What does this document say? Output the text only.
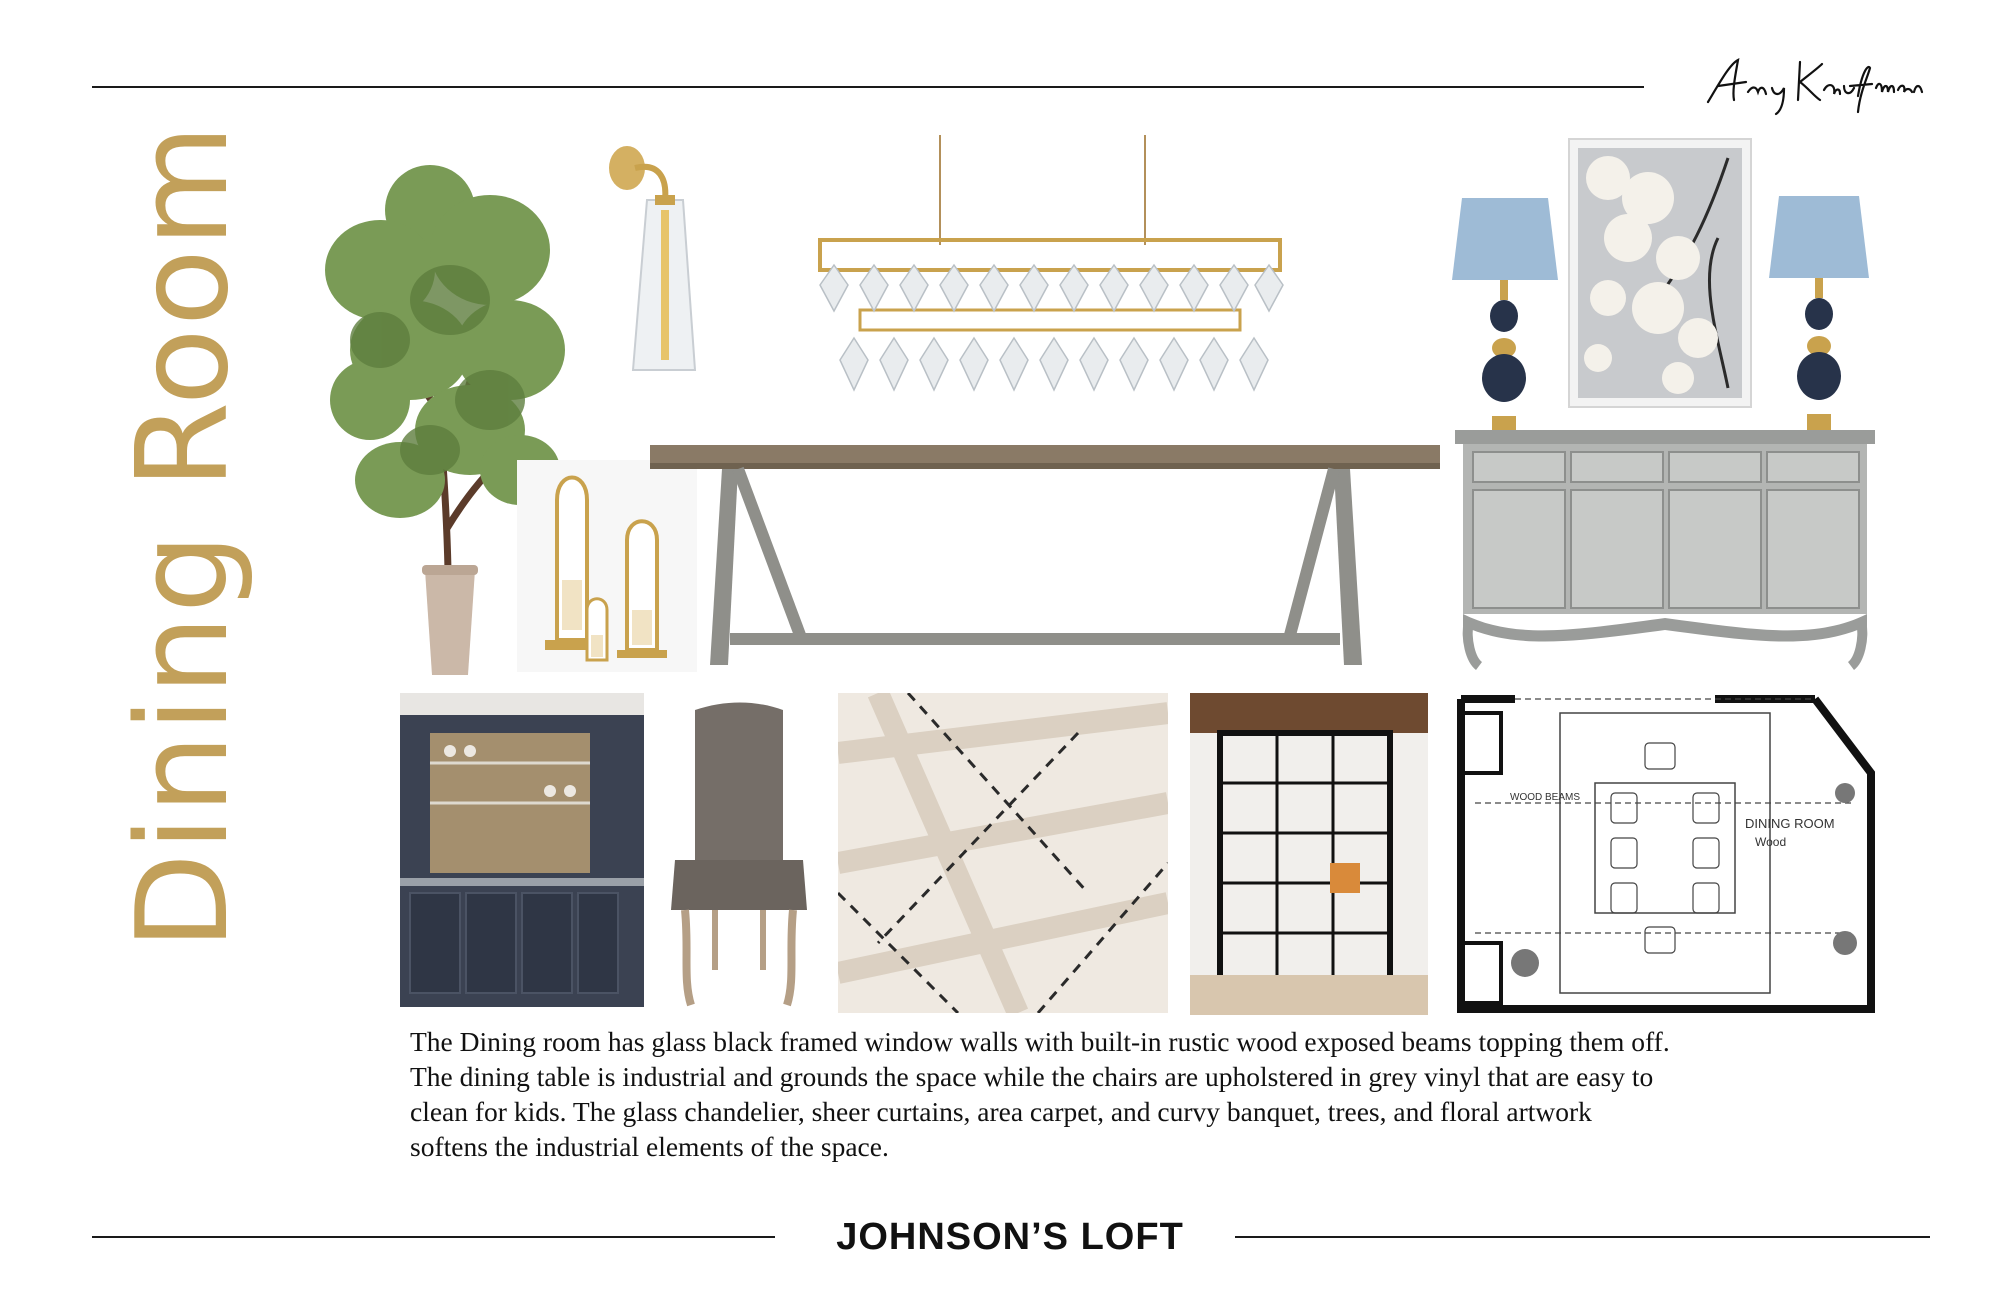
Dining Room	DINING ROOM
Wood
WOOD BEAMS

The Dining room has glass black framed window walls with built-in rustic wood exposed beams topping them off.

The dining table is industrial and grounds the space while the chairs are upholstered in grey vinyl that are easy to

clean for kids. The glass chandelier, sheer curtains, area carpet, and curvy banquet, trees, and floral artwork

softens the industrial elements of the space.

JOHNSON’S LOFT
